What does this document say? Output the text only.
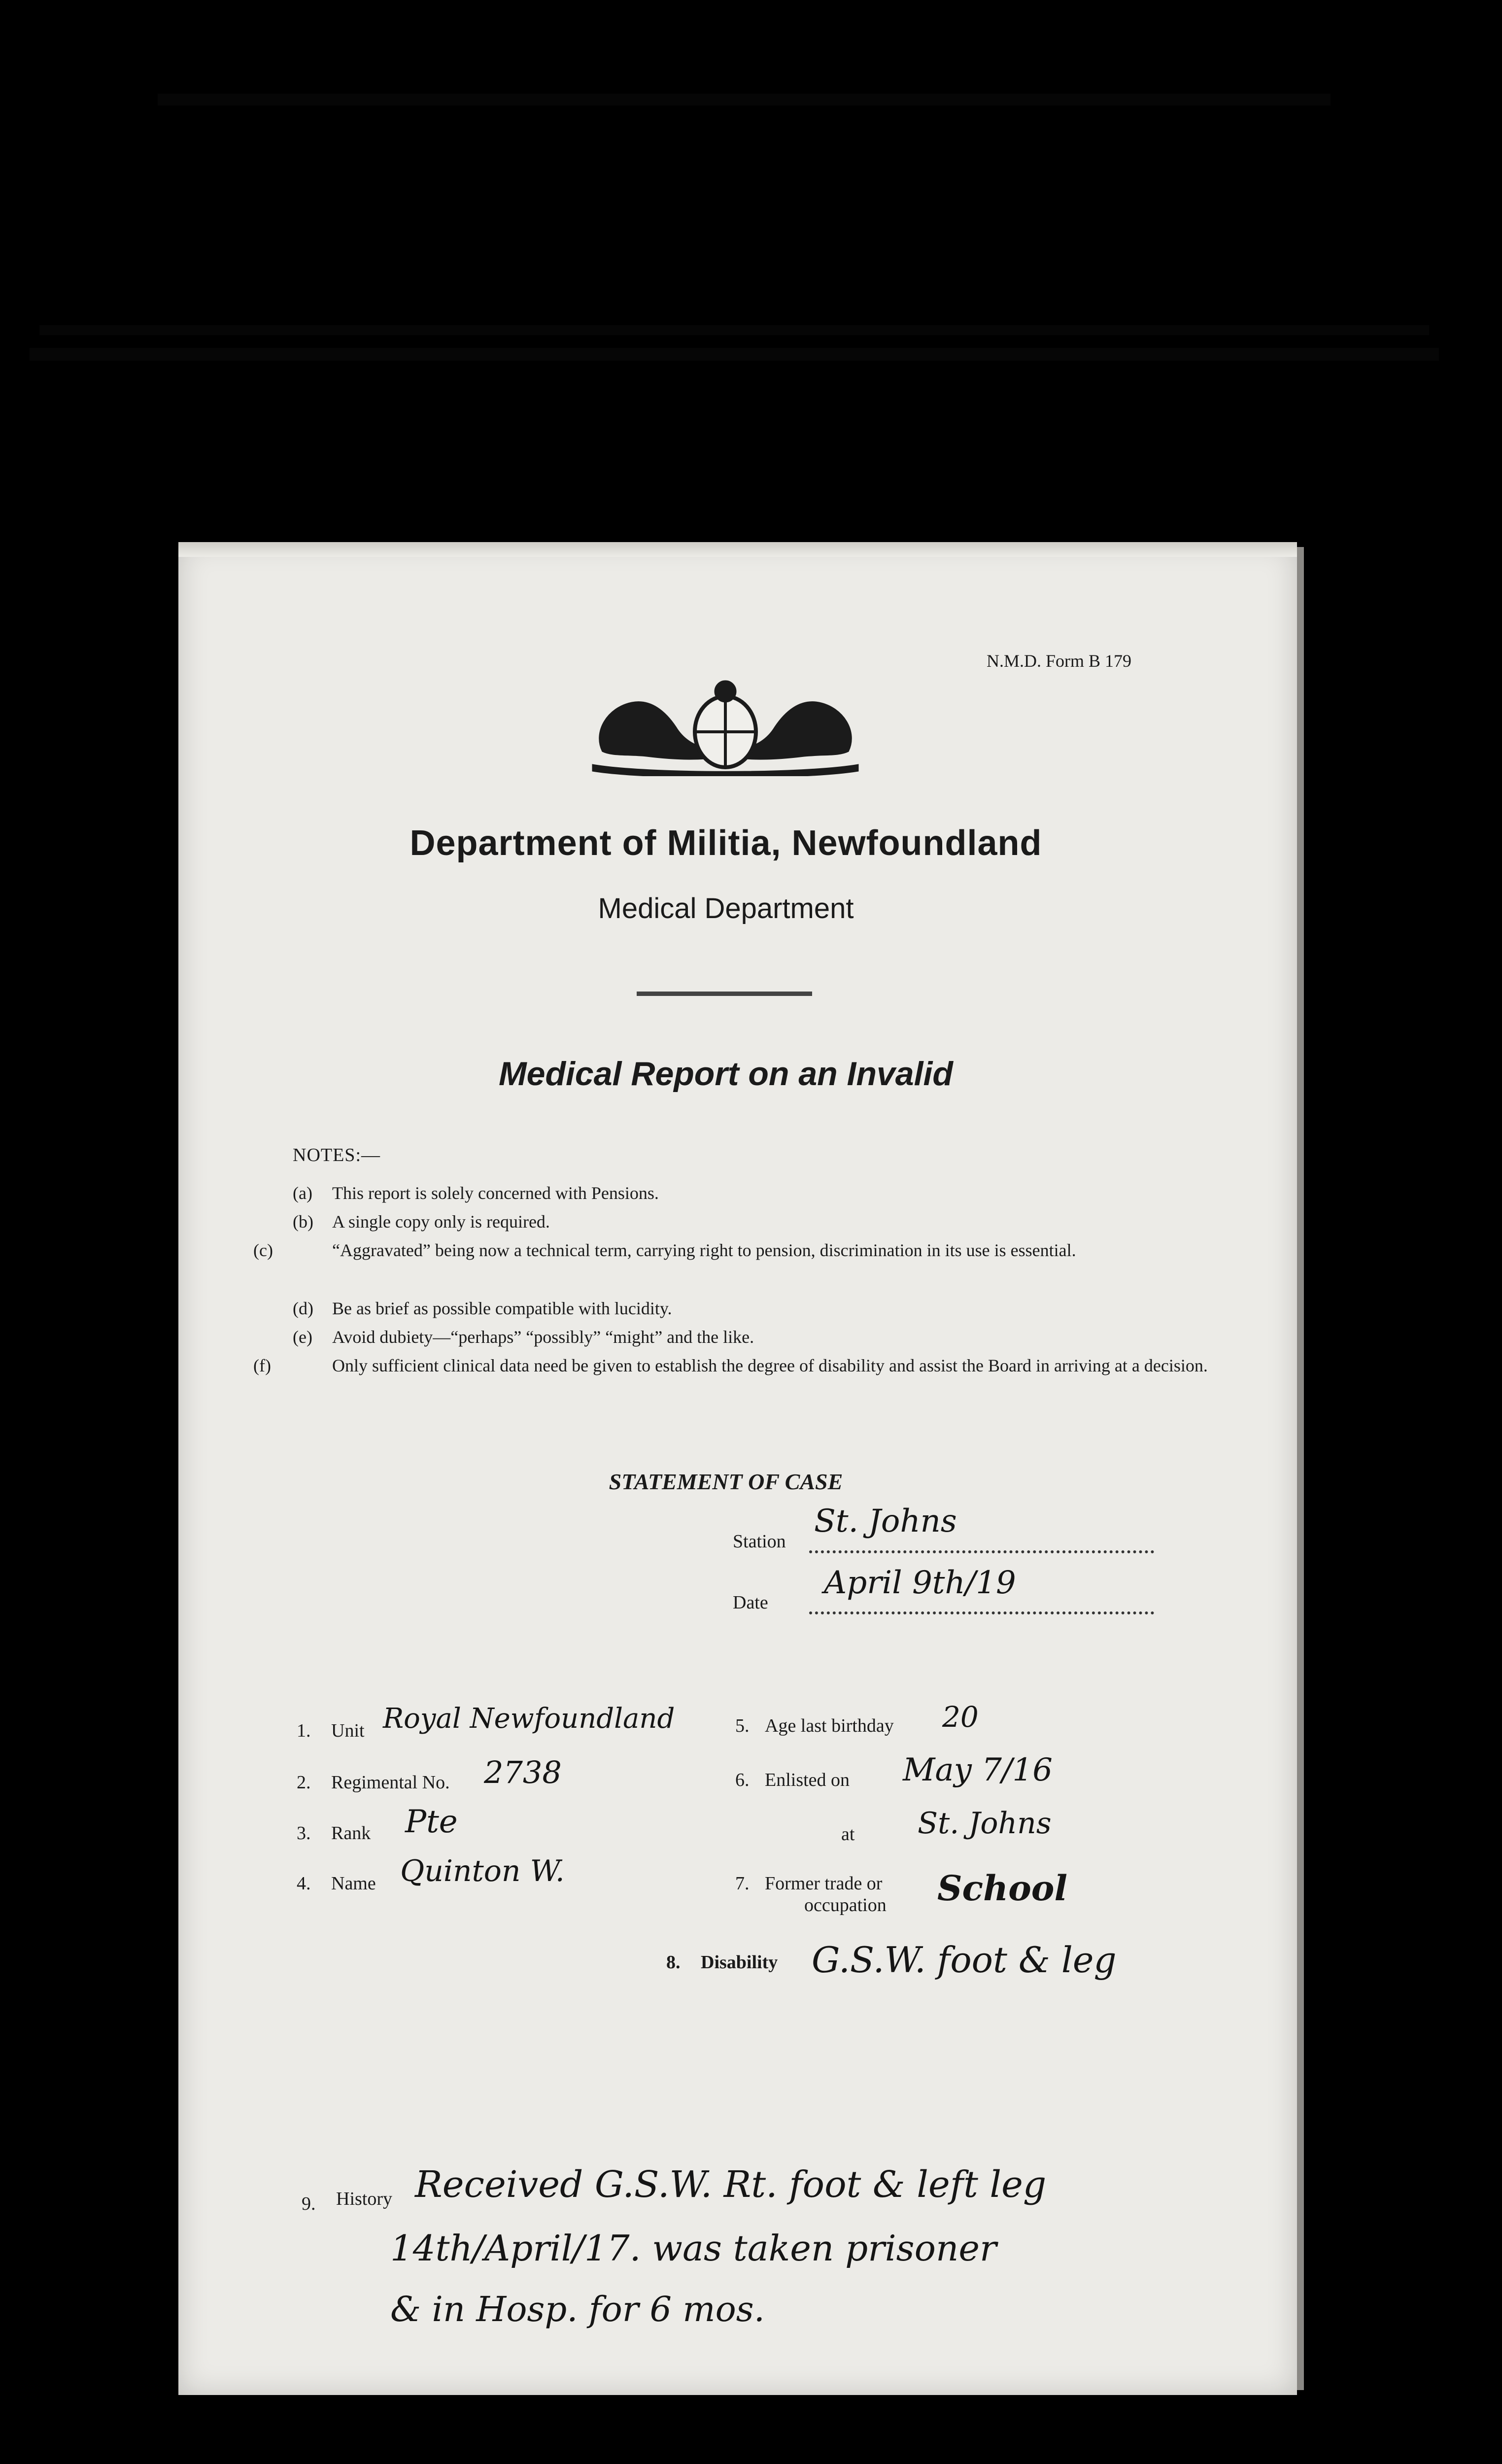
N.M.D. Form B 179
Department of Militia, Newfoundland
Medical Department
Medical Report on an Invalid
NOTES:—
(a) This report is solely concerned with Pensions.
(b) A single copy only is required.
(c)	“Aggravated” being now a technical term, carrying right to pension, discrimination in its use is essential.
(d) Be as brief as possible compatible with lucidity.
(e) Avoid dubiety—“perhaps” “possibly” “might” and the like.
(f)	Only sufficient clinical data need be given to establish the degree of disability and assist the Board in arriving at a decision.
STATEMENT OF CASE
Station
St. Johns
Date
April 9th/19
1. Unit Royal Newfoundland
2. Regimental No. 2738
3. Rank Pte
4. Name Quinton W.
5. Age last birthday 20
6. Enlisted on May 7/16
at St. Johns
7. Former trade or
occupation School
8. Disability G.S.W. foot & leg
9. History Received G.S.W. Rt. foot & left leg
14th/April/17. was taken prisoner
& in Hosp. for 6 mos.
